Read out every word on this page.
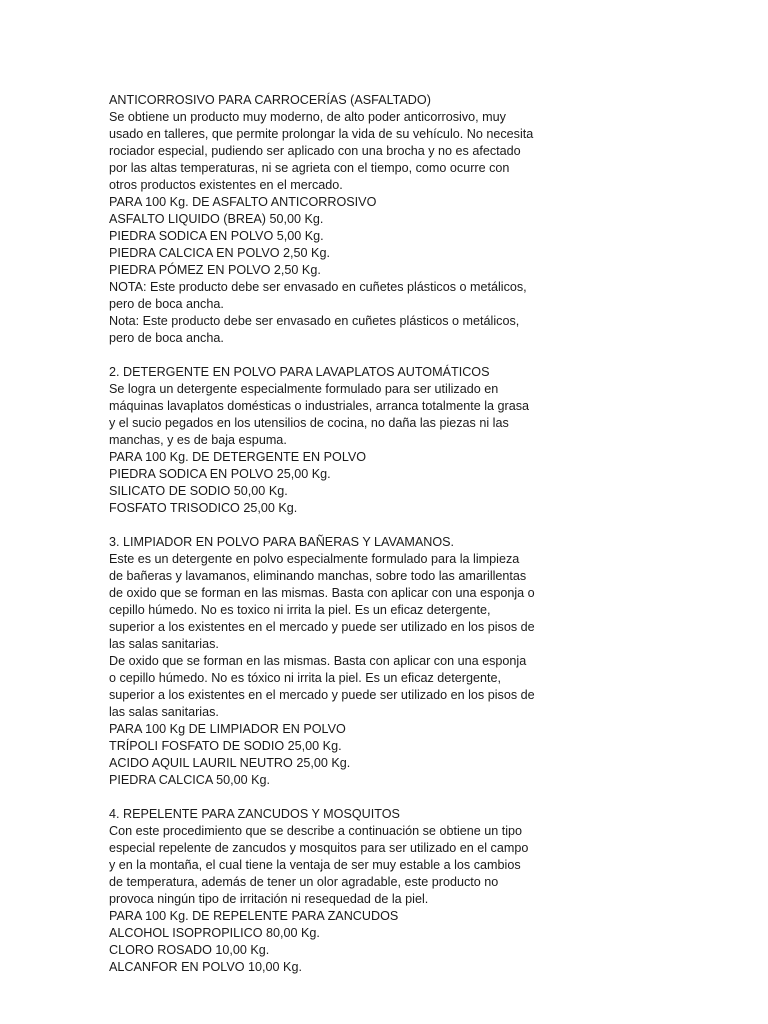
ANTICORROSIVO PARA CARROCERÍAS (ASFALTADO)
Se obtiene un producto muy moderno, de alto poder anticorrosivo, muy
usado en talleres, que permite prolongar la vida de su vehículo. No necesita
rociador especial, pudiendo ser aplicado con una brocha y no es afectado
por las altas temperaturas, ni se agrieta con el tiempo, como ocurre con
otros productos existentes en el mercado.
PARA 100 Kg. DE ASFALTO ANTICORROSIVO
ASFALTO LIQUIDO (BREA) 50,00 Kg.
PIEDRA SODICA EN POLVO 5,00 Kg.
PIEDRA CALCICA EN POLVO 2,50 Kg.
PIEDRA PÓMEZ EN POLVO 2,50 Kg.
NOTA: Este producto debe ser envasado en cuñetes plásticos o metálicos,
pero de boca ancha.
Nota: Este producto debe ser envasado en cuñetes plásticos o metálicos,
pero de boca ancha.
2. DETERGENTE EN POLVO PARA LAVAPLATOS AUTOMÁTICOS
Se logra un detergente especialmente formulado para ser utilizado en
máquinas lavaplatos domésticas o industriales, arranca totalmente la grasa
y el sucio pegados en los utensilios de cocina, no daña las piezas ni las
manchas, y es de baja espuma.
PARA 100 Kg. DE DETERGENTE EN POLVO
PIEDRA SODICA EN POLVO 25,00 Kg.
SILICATO DE SODIO 50,00 Kg.
FOSFATO TRISODICO 25,00 Kg.
3. LIMPIADOR EN POLVO PARA BAÑERAS Y LAVAMANOS.
Este es un detergente en polvo especialmente formulado para la limpieza
de bañeras y lavamanos, eliminando manchas, sobre todo las amarillentas
de oxido que se forman en las mismas. Basta con aplicar con una esponja o
cepillo húmedo. No es toxico ni irrita la piel. Es un eficaz detergente,
superior a los existentes en el mercado y puede ser utilizado en los pisos de
las salas sanitarias.
De oxido que se forman en las mismas. Basta con aplicar con una esponja
o cepillo húmedo. No es tóxico ni irrita la piel. Es un eficaz detergente,
superior a los existentes en el mercado y puede ser utilizado en los pisos de
las salas sanitarias.
PARA 100 Kg DE LIMPIADOR EN POLVO
TRÍPOLI FOSFATO DE SODIO 25,00 Kg.
ACIDO AQUIL LAURIL NEUTRO 25,00 Kg.
PIEDRA CALCICA 50,00 Kg.
4. REPELENTE PARA ZANCUDOS Y MOSQUITOS
Con este procedimiento que se describe a continuación se obtiene un tipo
especial repelente de zancudos y mosquitos para ser utilizado en el campo
y en la montaña, el cual tiene la ventaja de ser muy estable a los cambios
de temperatura, además de tener un olor agradable, este producto no
provoca ningún tipo de irritación ni resequedad de la piel.
PARA 100 Kg. DE REPELENTE PARA ZANCUDOS
ALCOHOL ISOPROPILICO 80,00 Kg.
CLORO ROSADO 10,00 Kg.
ALCANFOR EN POLVO 10,00 Kg.
